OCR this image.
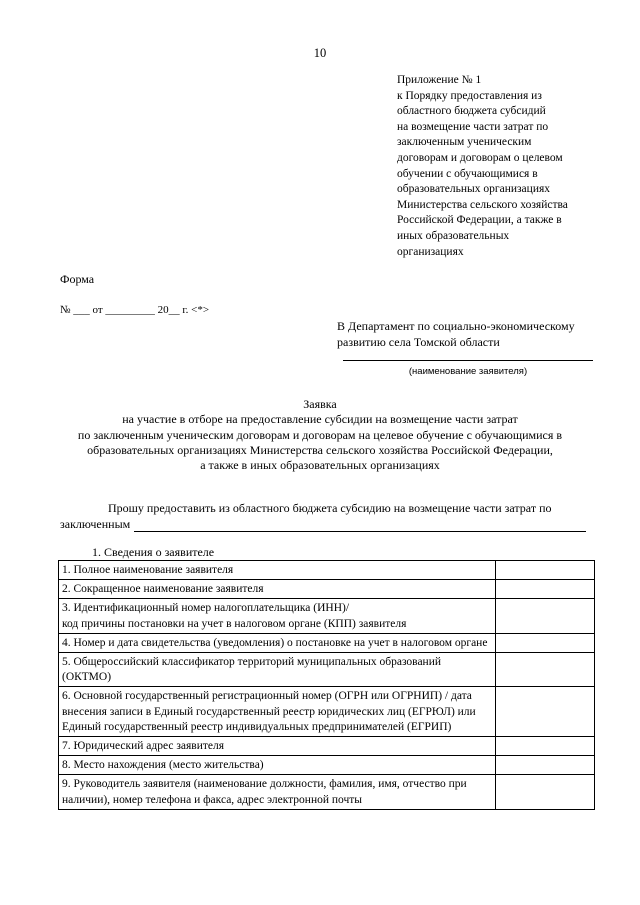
10
Приложение № 1
к Порядку предоставления из
областного бюджета субсидий
на возмещение части затрат по
заключенным ученическим
договорам и договорам о целевом
обучении с обучающимися в
образовательных организациях
Министерства сельского хозяйства
Российской Федерации, а также в
иных образовательных
организациях
Форма
№ ___ от _________ 20__ г. <*>
В Департамент по социально-экономическому развитию села Томской области
(наименование заявителя)
Заявка
на участие в отборе на предоставление субсидии на возмещение части затрат
по заключенным ученическим договорам и договорам на целевое обучение с обучающимися в
образовательных организациях Министерства сельского хозяйства Российской Федерации,
а также в иных образовательных организациях
Прошу предоставить из областного бюджета субсидию на возмещение части затрат по
заключенным
1. Сведения о заявителе
1. Полное наименование заявителя	
2. Сокращенное наименование заявителя	
3. Идентификационный номер налогоплательщика (ИНН)/
код причины постановки на учет в налоговом органе (КПП) заявителя	
4. Номер и дата свидетельства (уведомления) о постановке на учет в налоговом органе	
5. Общероссийский классификатор территорий муниципальных образований (ОКТМО)	
6. Основной государственный регистрационный номер (ОГРН или ОГРНИП) / дата внесения записи в Единый государственный реестр юридических лиц (ЕГРЮЛ) или Единый государственный реестр индивидуальных предпринимателей (ЕГРИП)	
7. Юридический адрес заявителя	
8. Место нахождения (место жительства)	
9. Руководитель заявителя (наименование должности, фамилия, имя, отчество при наличии), номер телефона и факса, адрес электронной почты	
